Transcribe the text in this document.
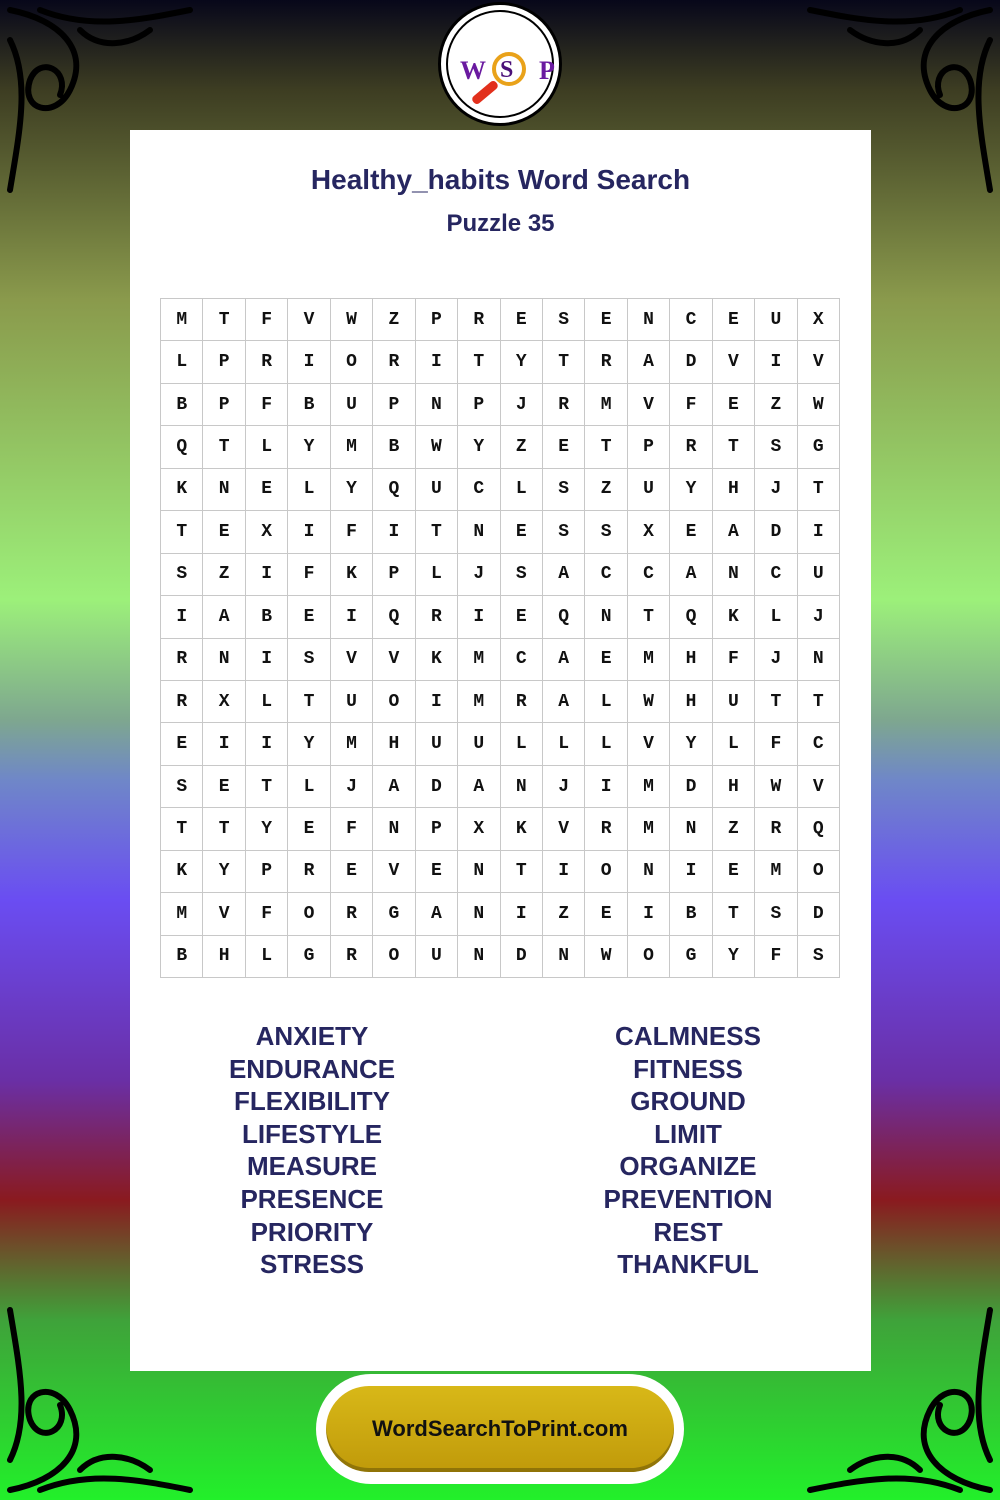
W S P
Healthy_habits Word Search
Puzzle 35
M	T	F	V	W	Z	P	R	E	S	E	N	C	E	U	X
L	P	R	I	O	R	I	T	Y	T	R	A	D	V	I	V
B	P	F	B	U	P	N	P	J	R	M	V	F	E	Z	W
Q	T	L	Y	M	B	W	Y	Z	E	T	P	R	T	S	G
K	N	E	L	Y	Q	U	C	L	S	Z	U	Y	H	J	T
T	E	X	I	F	I	T	N	E	S	S	X	E	A	D	I
S	Z	I	F	K	P	L	J	S	A	C	C	A	N	C	U
I	A	B	E	I	Q	R	I	E	Q	N	T	Q	K	L	J
R	N	I	S	V	V	K	M	C	A	E	M	H	F	J	N
R	X	L	T	U	O	I	M	R	A	L	W	H	U	T	T
E	I	I	Y	M	H	U	U	L	L	L	V	Y	L	F	C
S	E	T	L	J	A	D	A	N	J	I	M	D	H	W	V
T	T	Y	E	F	N	P	X	K	V	R	M	N	Z	R	Q
K	Y	P	R	E	V	E	N	T	I	O	N	I	E	M	O
M	V	F	O	R	G	A	N	I	Z	E	I	B	T	S	D
B	H	L	G	R	O	U	N	D	N	W	O	G	Y	F	S
ANXIETY
ENDURANCE
FLEXIBILITY
LIFESTYLE
MEASURE
PRESENCE
PRIORITY
STRESS
CALMNESS
FITNESS
GROUND
LIMIT
ORGANIZE
PREVENTION
REST
THANKFUL
WordSearchToPrint.com
